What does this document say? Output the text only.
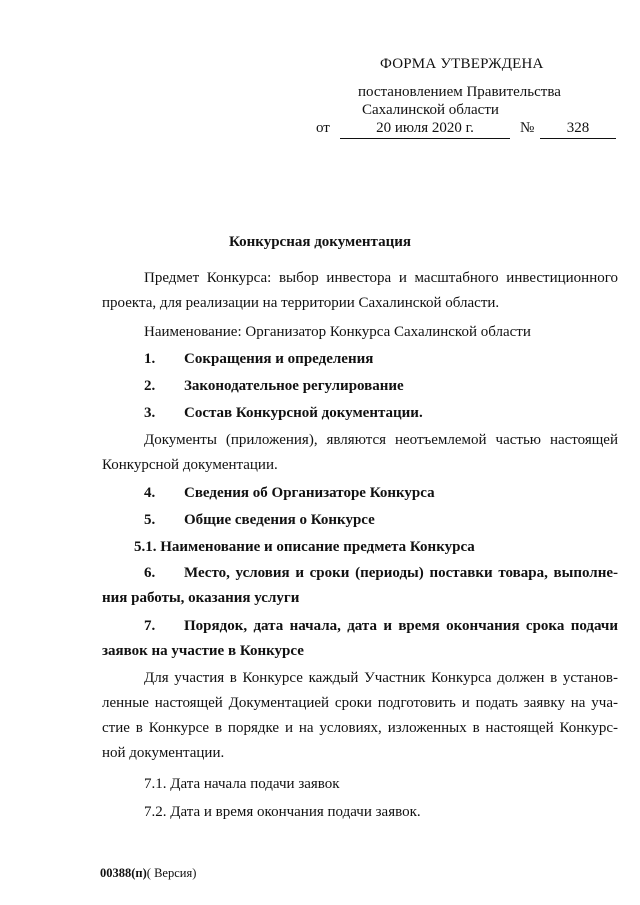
ФОРМА УТВЕРЖДЕНА
постановлением Правительства
Сахалинской области
от	20 июля 2020 г.	№	328
Конкурсная документация
Предмет Конкурса: выбор инвестора и масштабного инвестиционного
проекта, для реализации на территории Сахалинской области.
Наименование: Организатор Конкурса Сахалинской области
1. Сокращения и определения
2. Законодательное регулирование
3. Состав Конкурсной документации.
Документы (приложения), являются неотъемлемой частью настоящей
Конкурсной документации.
4. Сведения об Организаторе Конкурса
5. Общие сведения о Конкурсе
5.1. Наименование и описание предмета Конкурса
6. Место, условия и сроки (периоды) поставки товара, выполне-
ния работы, оказания услуги
7. Порядок, дата начала, дата и время окончания срока подачи
заявок на участие в Конкурсе
Для участия в Конкурсе каждый Участник Конкурса должен в установ-
ленные настоящей Документацией сроки подготовить и подать заявку на уча-
стие в Конкурсе в порядке и на условиях, изложенных в настоящей Конкурс-
ной документации.
7.1. Дата начала подачи заявок
7.2. Дата и время окончания подачи заявок.
00388(п)( Версия)
